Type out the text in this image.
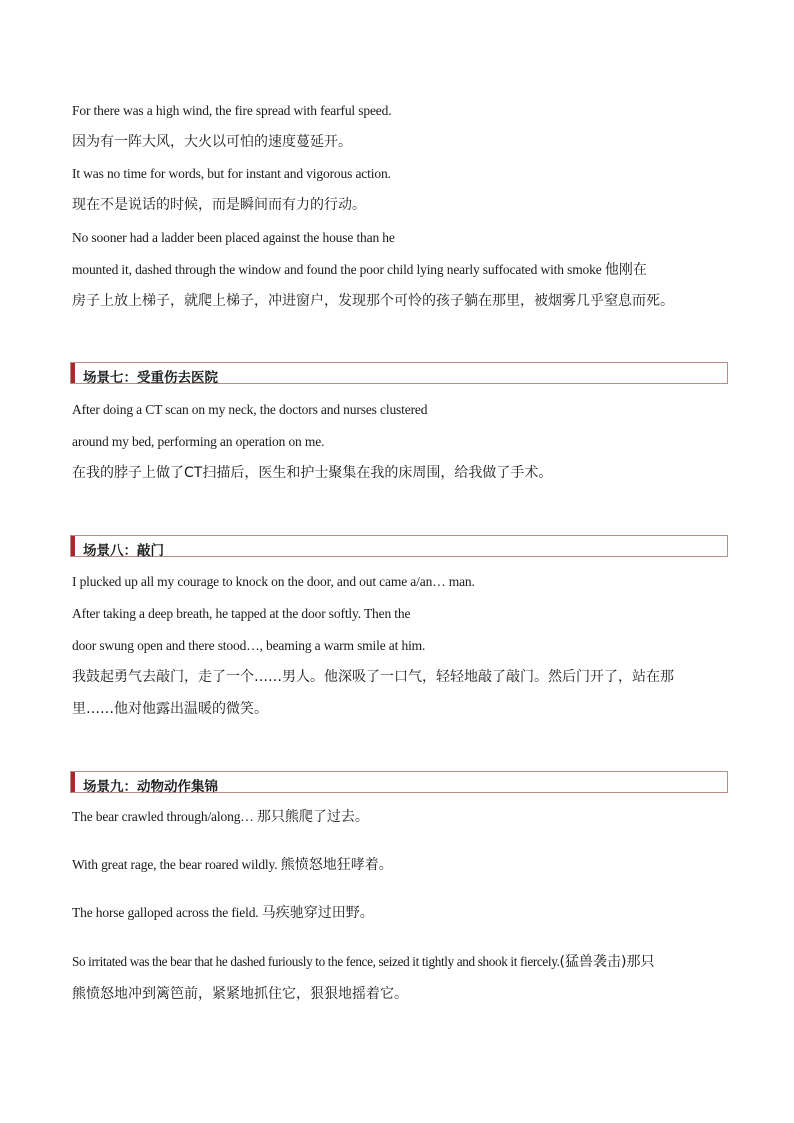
For there was a high wind, the fire spread with fearful speed.
因为有一阵大风，大火以可怕的速度蔓延开。
It was no time for words, but for instant and vigorous action.
现在不是说话的时候，而是瞬间而有力的行动。
No sooner had a ladder been placed against the house than he
mounted it, dashed through the window and found the poor child lying nearly suffocated with smoke 他刚在
房子上放上梯子，就爬上梯子，冲进窗户，发现那个可怜的孩子躺在那里，被烟雾几乎窒息而死。
场景七：受重伤去医院
After doing a CT scan on my neck, the doctors and nurses clustered
around my bed, performing an operation on me.
在我的脖子上做了CT扫描后，医生和护士聚集在我的床周围，给我做了手术。
场景八：敲门
I plucked up all my courage to knock on the door, and out came a/an… man.
After taking a deep breath, he tapped at the door softly. Then the
door swung open and there stood…, beaming a warm smile at him.
我鼓起勇气去敲门，走了一个……男人。他深吸了一口气，轻轻地敲了敲门。然后门开了，站在那
里……他对他露出温暖的微笑。
场景九：动物动作集锦
The bear crawled through/along… 那只熊爬了过去。
With great rage, the bear roared wildly. 熊愤怒地狂哮着。
The horse galloped across the field. 马疾驰穿过田野。
So irritated was the bear that he dashed furiously to the fence, seized it tightly and shook it fiercely.(猛兽袭击)那只
熊愤怒地冲到篱笆前，紧紧地抓住它，狠狠地摇着它。
